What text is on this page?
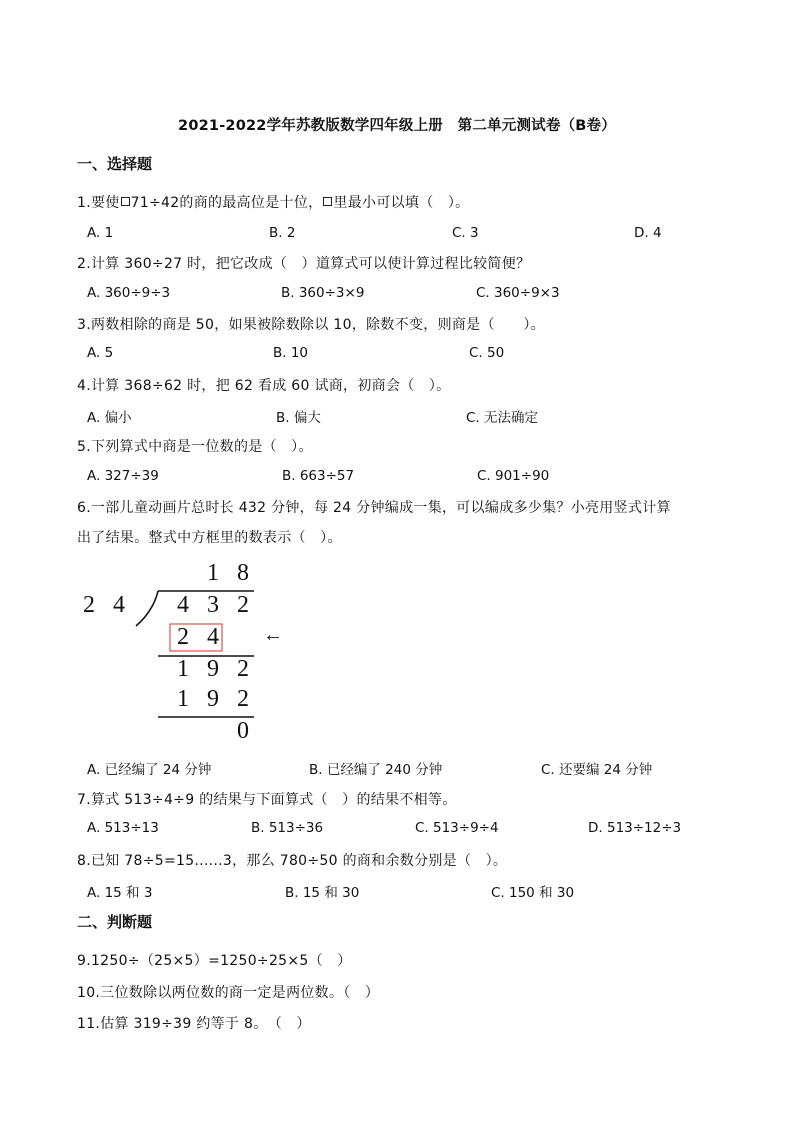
2021-2022学年苏教版数学四年级上册　第二单元测试卷（B卷）
一、选择题
1.要使 71÷42的商的最高位是十位， 里最小可以填（　）。
A. 1	B. 2	C. 3	D. 4
2.计算 360÷27 时，把它改成（　）道算式可以使计算过程比较简便？
A. 360÷9÷3	B. 360÷3×9	C. 360÷9×3
3.两数相除的商是 50，如果被除数除以 10，除数不变，则商是（　　）。
A. 5	B. 10	C. 50
4.计算 368÷62 时，把 62 看成 60 试商，初商会（　）。
A. 偏小	B. 偏大	C. 无法确定
5.下列算式中商是一位数的是（　）。
A. 327÷39	B. 663÷57	C. 901÷90
6.一部儿童动画片总时长 432 分钟，每 24 分钟编成一集，可以编成多少集？小亮用竖式计算
出了结果。整式中方框里的数表示（　）。
1 8
2 4	4 3 2
2 4
1 9 2
1 9 2
0
←
A. 已经编了 24 分钟	B. 已经编了 240 分钟	C. 还要编 24 分钟
7.算式 513÷4÷9 的结果与下面算式（　）的结果不相等。
A. 513÷13	B. 513÷36	C. 513÷9÷4	D. 513÷12÷3
8.已知 78÷5=15......3，那么 780÷50 的商和余数分别是（　）。
A. 15 和 3	B. 15 和 30	C. 150 和 30
二、判断题
9.1250÷（25×5）=1250÷25×5（　）
10.三位数除以两位数的商一定是两位数。（　）
11.估算 319÷39 约等于 8。　（　）
